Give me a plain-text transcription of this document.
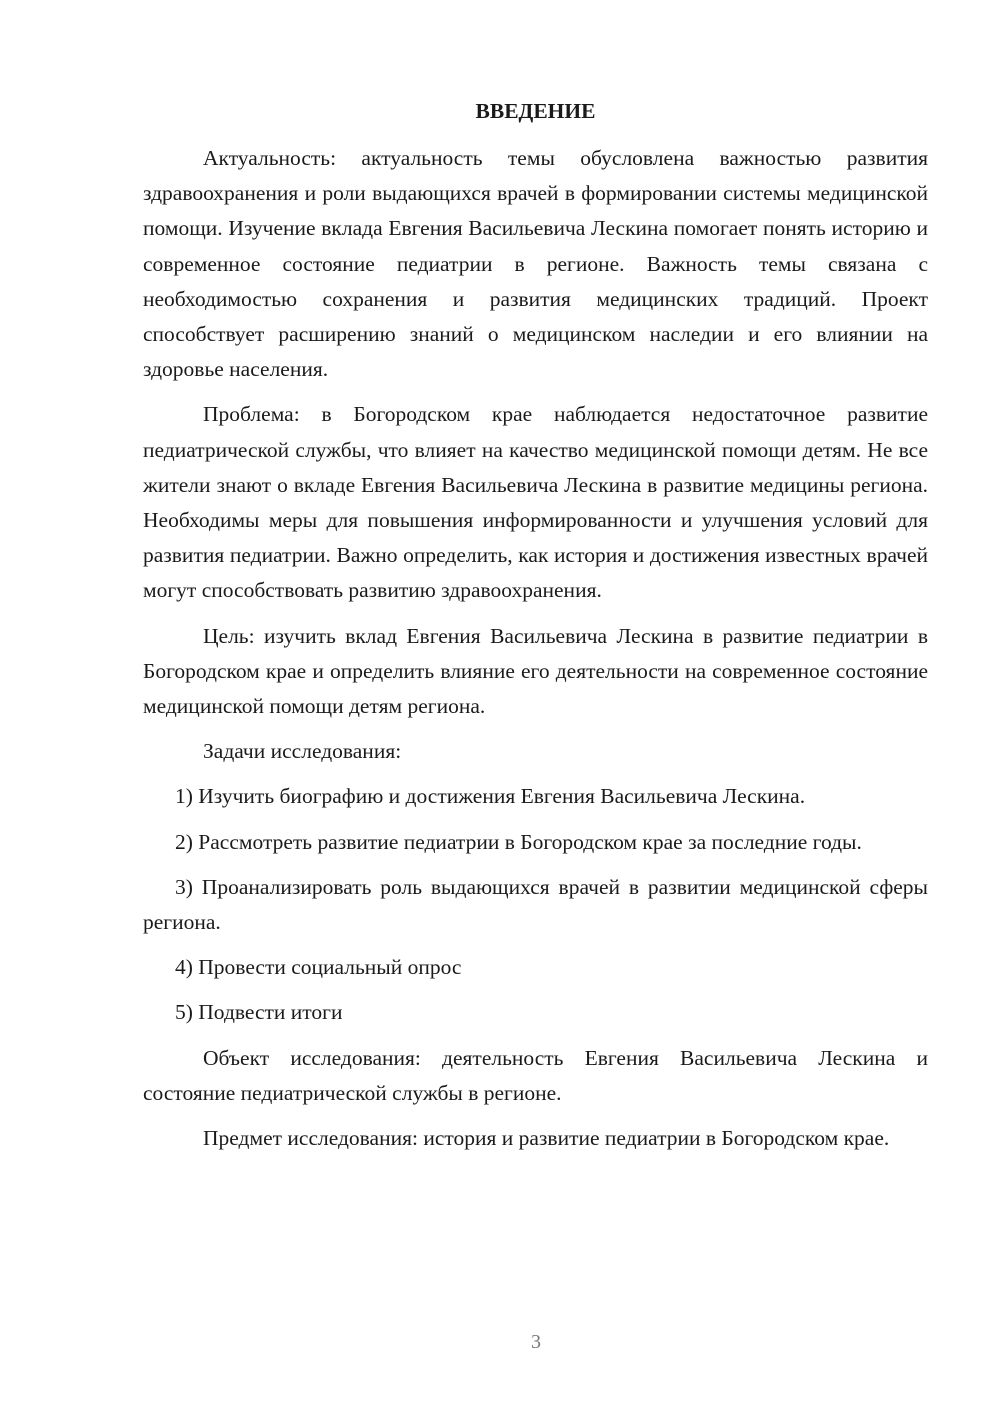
ВВЕДЕНИЕ

Актуальность: актуальность темы обусловлена важностью развития здравоохранения и роли выдающихся врачей в формировании системы медицинской помощи. Изучение вклада Евгения Васильевича Лескина помогает понять историю и современное состояние педиатрии в регионе. Важность темы связана с необходимостью сохранения и развития медицинских традиций. Проект способствует расширению знаний о медицинском наследии и его влиянии на здоровье населения.

Проблема: в Богородском крае наблюдается недостаточное развитие педиатрической службы, что влияет на качество медицинской помощи детям. Не все жители знают о вкладе Евгения Васильевича Лескина в развитие медицины региона. Необходимы меры для повышения информированности и улучшения условий для развития педиатрии. Важно определить, как история и достижения известных врачей могут способствовать развитию здравоохранения.

Цель: изучить вклад Евгения Васильевича Лескина в развитие педиатрии в Богородском крае и определить влияние его деятельности на современное состояние медицинской помощи детям региона.

Задачи исследования:

1) Изучить биографию и достижения Евгения Васильевича Лескина.

2) Рассмотреть развитие педиатрии в Богородском крае за последние годы.

3) Проанализировать роль выдающихся врачей в развитии медицинской сферы региона.

4) Провести социальный опрос

5) Подвести итоги

Объект исследования: деятельность Евгения Васильевича Лескина и состояние педиатрической службы в регионе.

Предмет исследования: история и развитие педиатрии в Богородском крае.

3
